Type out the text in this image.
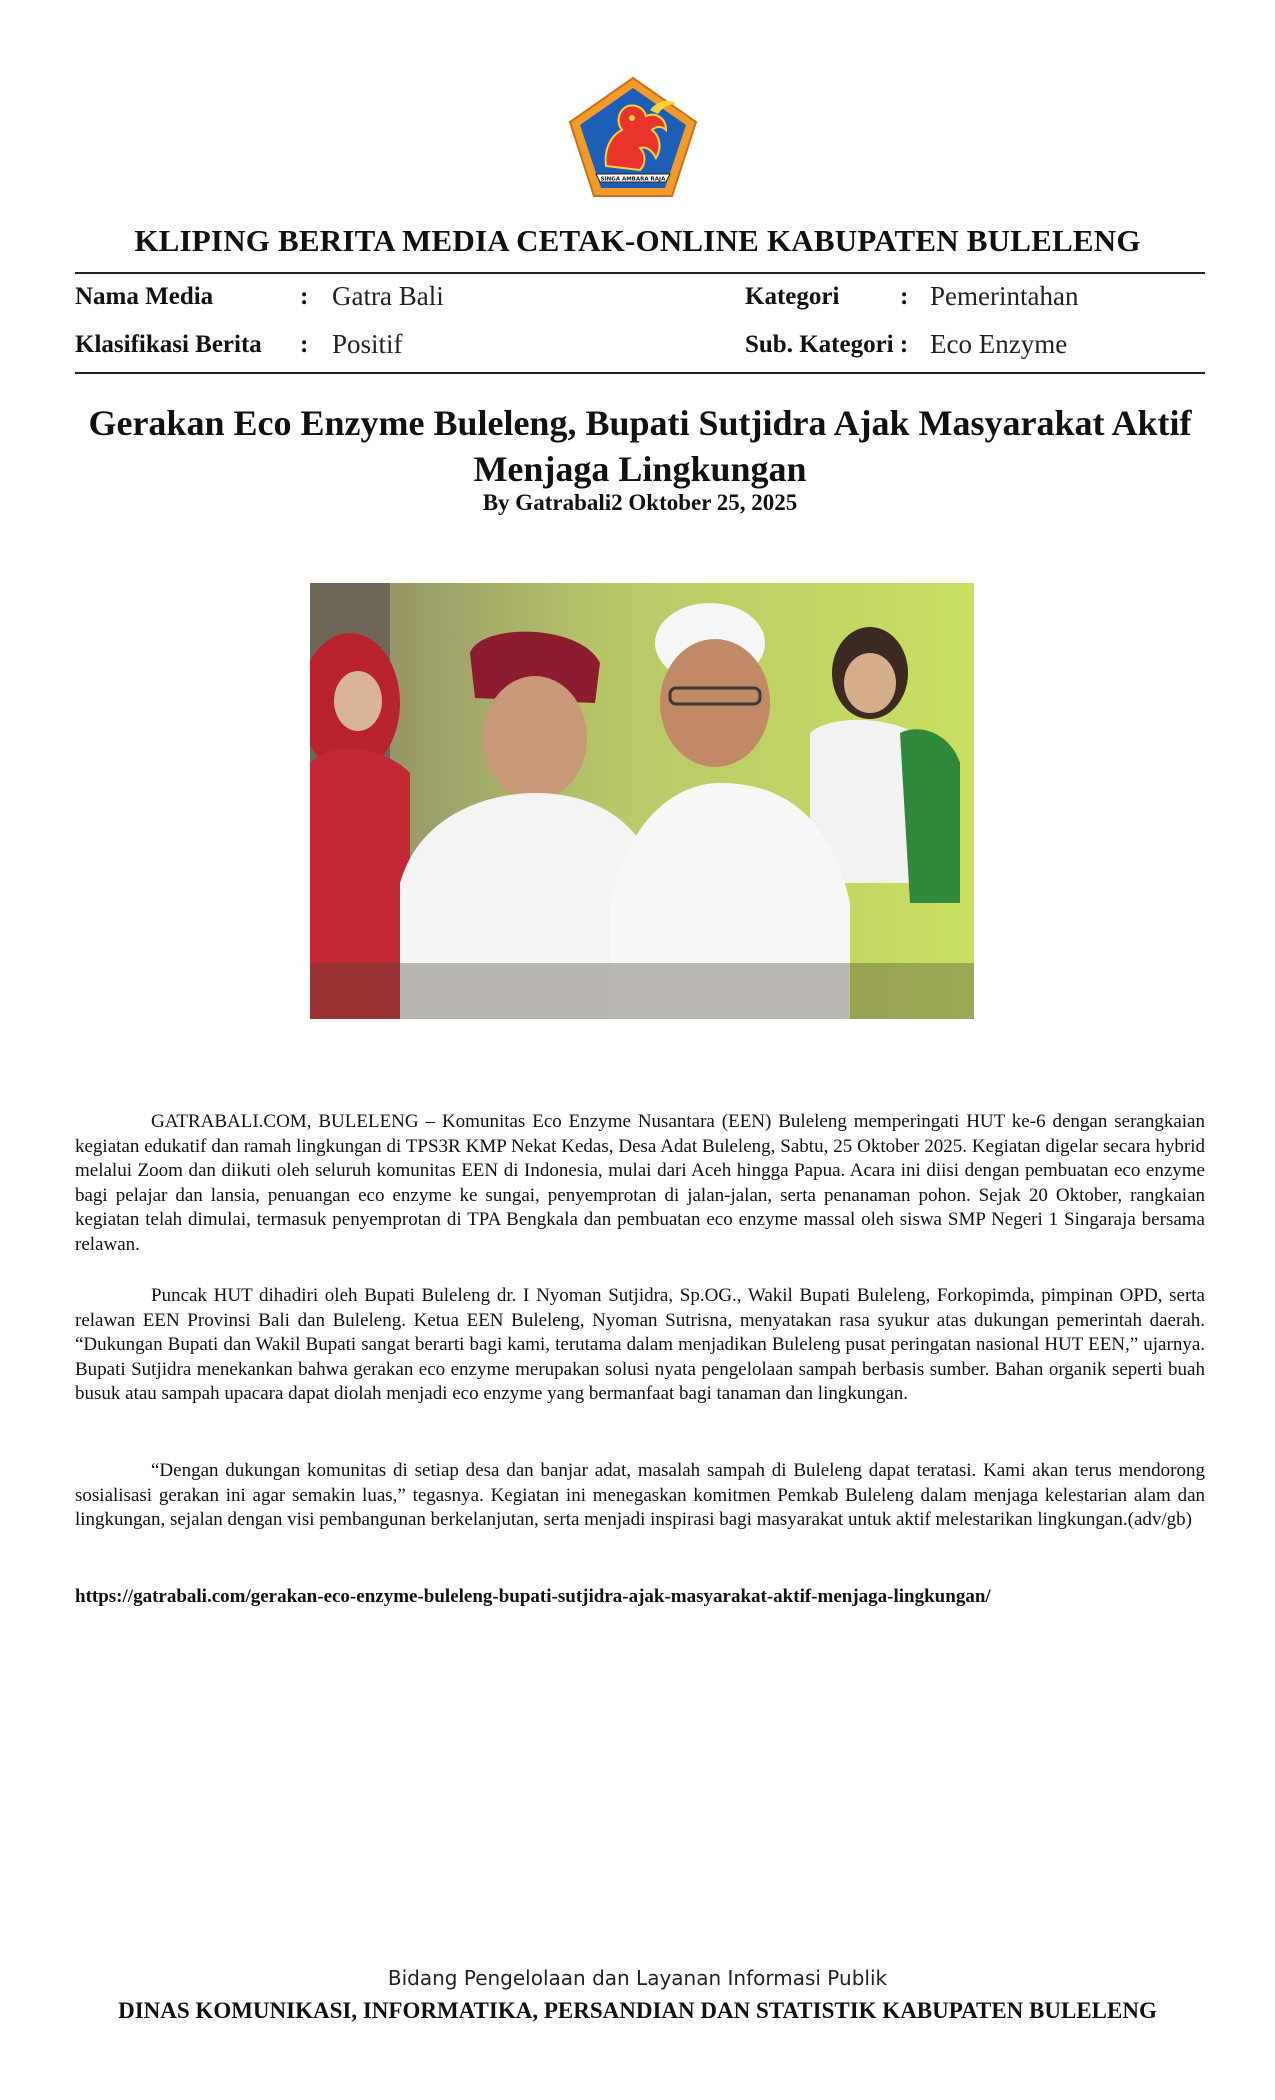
SINGA AMBARA RAJA
KLIPING BERITA MEDIA CETAK-ONLINE KABUPATEN BULELENG
Nama Media	: Gatra Bali	Kategori : Pemerintahan
Klasifikasi Berita : Positif	Sub. Kategori : Eco Enzyme
Gerakan Eco Enzyme Buleleng, Bupati Sutjidra Ajak Masyarakat Aktif
Menjaga Lingkungan
By Gatrabali2 Oktober 25, 2025
GATRABALI.COM, BULELENG – Komunitas Eco Enzyme Nusantara (EEN) Buleleng memperingati HUT ke-6 dengan serangkaian kegiatan edukatif dan ramah lingkungan di TPS3R KMP Nekat Kedas, Desa Adat Buleleng, Sabtu, 25 Oktober 2025. Kegiatan digelar secara hybrid melalui Zoom dan diikuti oleh seluruh komunitas EEN di Indonesia, mulai dari Aceh hingga Papua. Acara ini diisi dengan pembuatan eco enzyme bagi pelajar dan lansia, penuangan eco enzyme ke sungai, penyemprotan di jalan-jalan, serta penanaman pohon. Sejak 20 Oktober, rangkaian kegiatan telah dimulai, termasuk penyemprotan di TPA Bengkala dan pembuatan eco enzyme massal oleh siswa SMP Negeri 1 Singaraja bersama relawan.
Puncak HUT dihadiri oleh Bupati Buleleng dr. I Nyoman Sutjidra, Sp.OG., Wakil Bupati Buleleng, Forkopimda, pimpinan OPD, serta relawan EEN Provinsi Bali dan Buleleng. Ketua EEN Buleleng, Nyoman Sutrisna, menyatakan rasa syukur atas dukungan pemerintah daerah. “Dukungan Bupati dan Wakil Bupati sangat berarti bagi kami, terutama dalam menjadikan Buleleng pusat peringatan nasional HUT EEN,” ujarnya. Bupati Sutjidra menekankan bahwa gerakan eco enzyme merupakan solusi nyata pengelolaan sampah berbasis sumber. Bahan organik seperti buah busuk atau sampah upacara dapat diolah menjadi eco enzyme yang bermanfaat bagi tanaman dan lingkungan.
“Dengan dukungan komunitas di setiap desa dan banjar adat, masalah sampah di Buleleng dapat teratasi. Kami akan terus mendorong sosialisasi gerakan ini agar semakin luas,” tegasnya. Kegiatan ini menegaskan komitmen Pemkab Buleleng dalam menjaga kelestarian alam dan lingkungan, sejalan dengan visi pembangunan berkelanjutan, serta menjadi inspirasi bagi masyarakat untuk aktif melestarikan lingkungan.(adv/gb)
https://gatrabali.com/gerakan-eco-enzyme-buleleng-bupati-sutjidra-ajak-masyarakat-aktif-menjaga-lingkungan/
Bidang Pengelolaan dan Layanan Informasi Publik
DINAS KOMUNIKASI, INFORMATIKA, PERSANDIAN DAN STATISTIK KABUPATEN BULELENG
